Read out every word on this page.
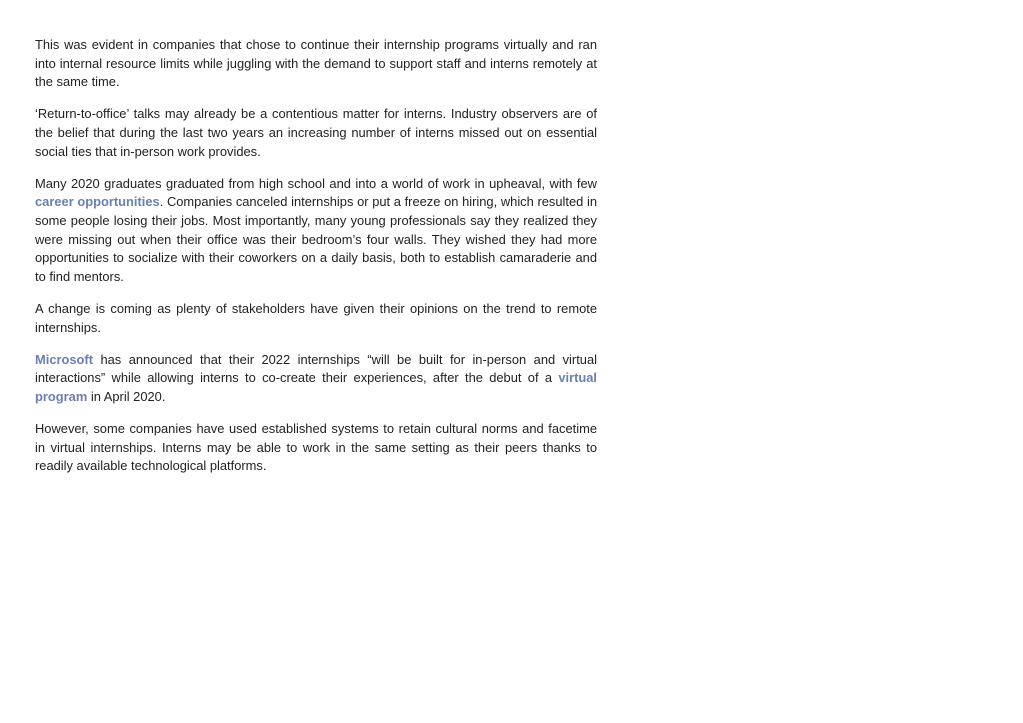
This was evident in companies that chose to continue their internship programs virtually and ran into internal resource limits while juggling with the demand to support staff and interns remotely at the same time.

‘Return-to-office’ talks may already be a contentious matter for interns. Industry observers are of the belief that during the last two years an increasing number of interns missed out on essential social ties that in-person work provides.

Many 2020 graduates graduated from high school and into a world of work in upheaval, with few career opportunities. Companies canceled internships or put a freeze on hiring, which resulted in some people losing their jobs. Most importantly, many young professionals say they realized they were missing out when their office was their bedroom’s four walls. They wished they had more opportunities to socialize with their coworkers on a daily basis, both to establish camaraderie and to find mentors.

A change is coming as plenty of stakeholders have given their opinions on the trend to remote internships.

Microsoft has announced that their 2022 internships “will be built for in-person and virtual interactions” while allowing interns to co-create their experiences, after the debut of a virtual program in April 2020.

However, some companies have used established systems to retain cultural norms and facetime in virtual internships. Interns may be able to work in the same setting as their peers thanks to readily available technological platforms.
